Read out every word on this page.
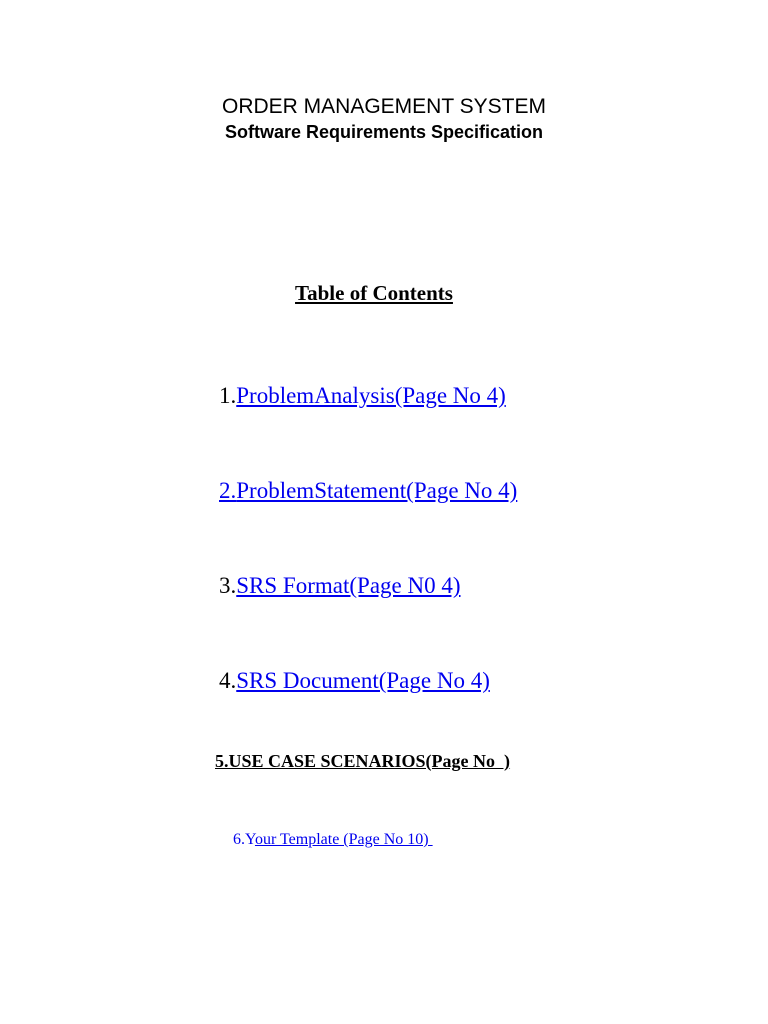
ORDER MANAGEMENT SYSTEM
Software Requirements Specification
Table of Contents
1.ProblemAnalysis(Page No 4)
2.ProblemStatement(Page No 4)
3.SRS Format(Page N0 4)
4.SRS Document(Page No 4)
5.USE CASE SCENARIOS(Page No  )

6.Your Template (Page No 10)
